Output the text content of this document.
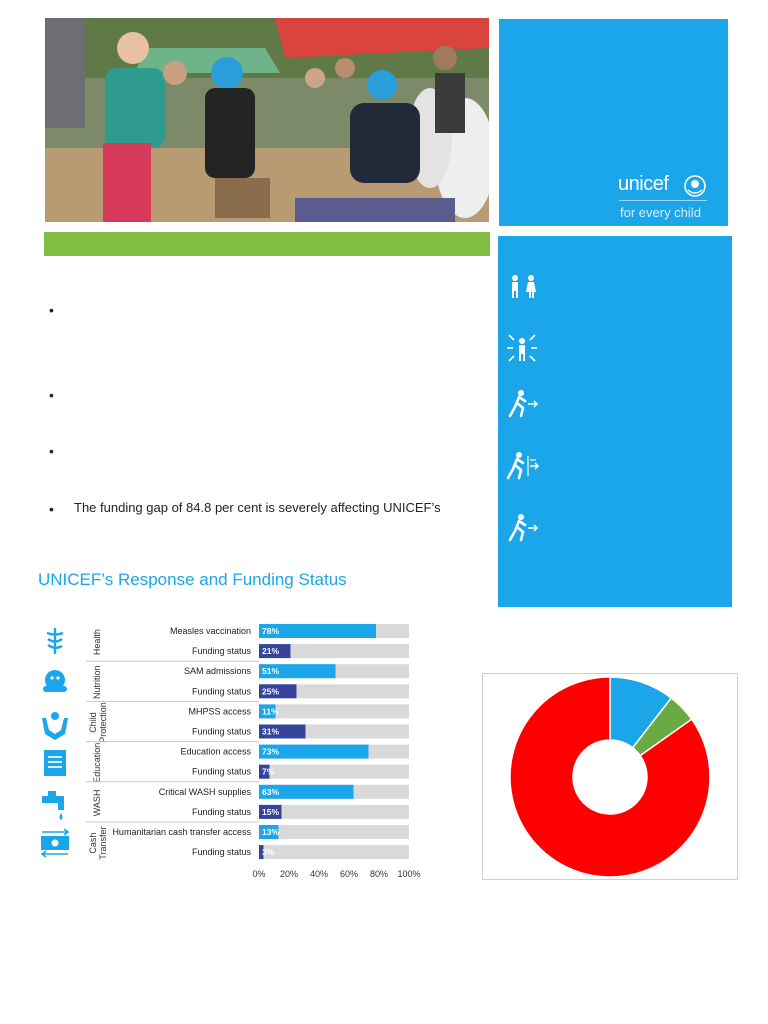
unicef
for every child
•
•
•
• The funding gap of 84.8 per cent is severely affecting UNICEF’s
UNICEF’s Response and Funding Status
Health	Measles vaccination 78%
Funding status 21%
Nutrition	SAM admissions 51%
Funding status 25%
ChildProtection	MHPSS access 11%
Funding status 31%
Education	Education access 73%
Funding status 7%
WASH	Critical WASH supplies 63%
Funding status 15%
CashTransfer Humanitarian cash transfer access 13%
Funding status 3%
0% 20% 40% 60% 80% 100%
